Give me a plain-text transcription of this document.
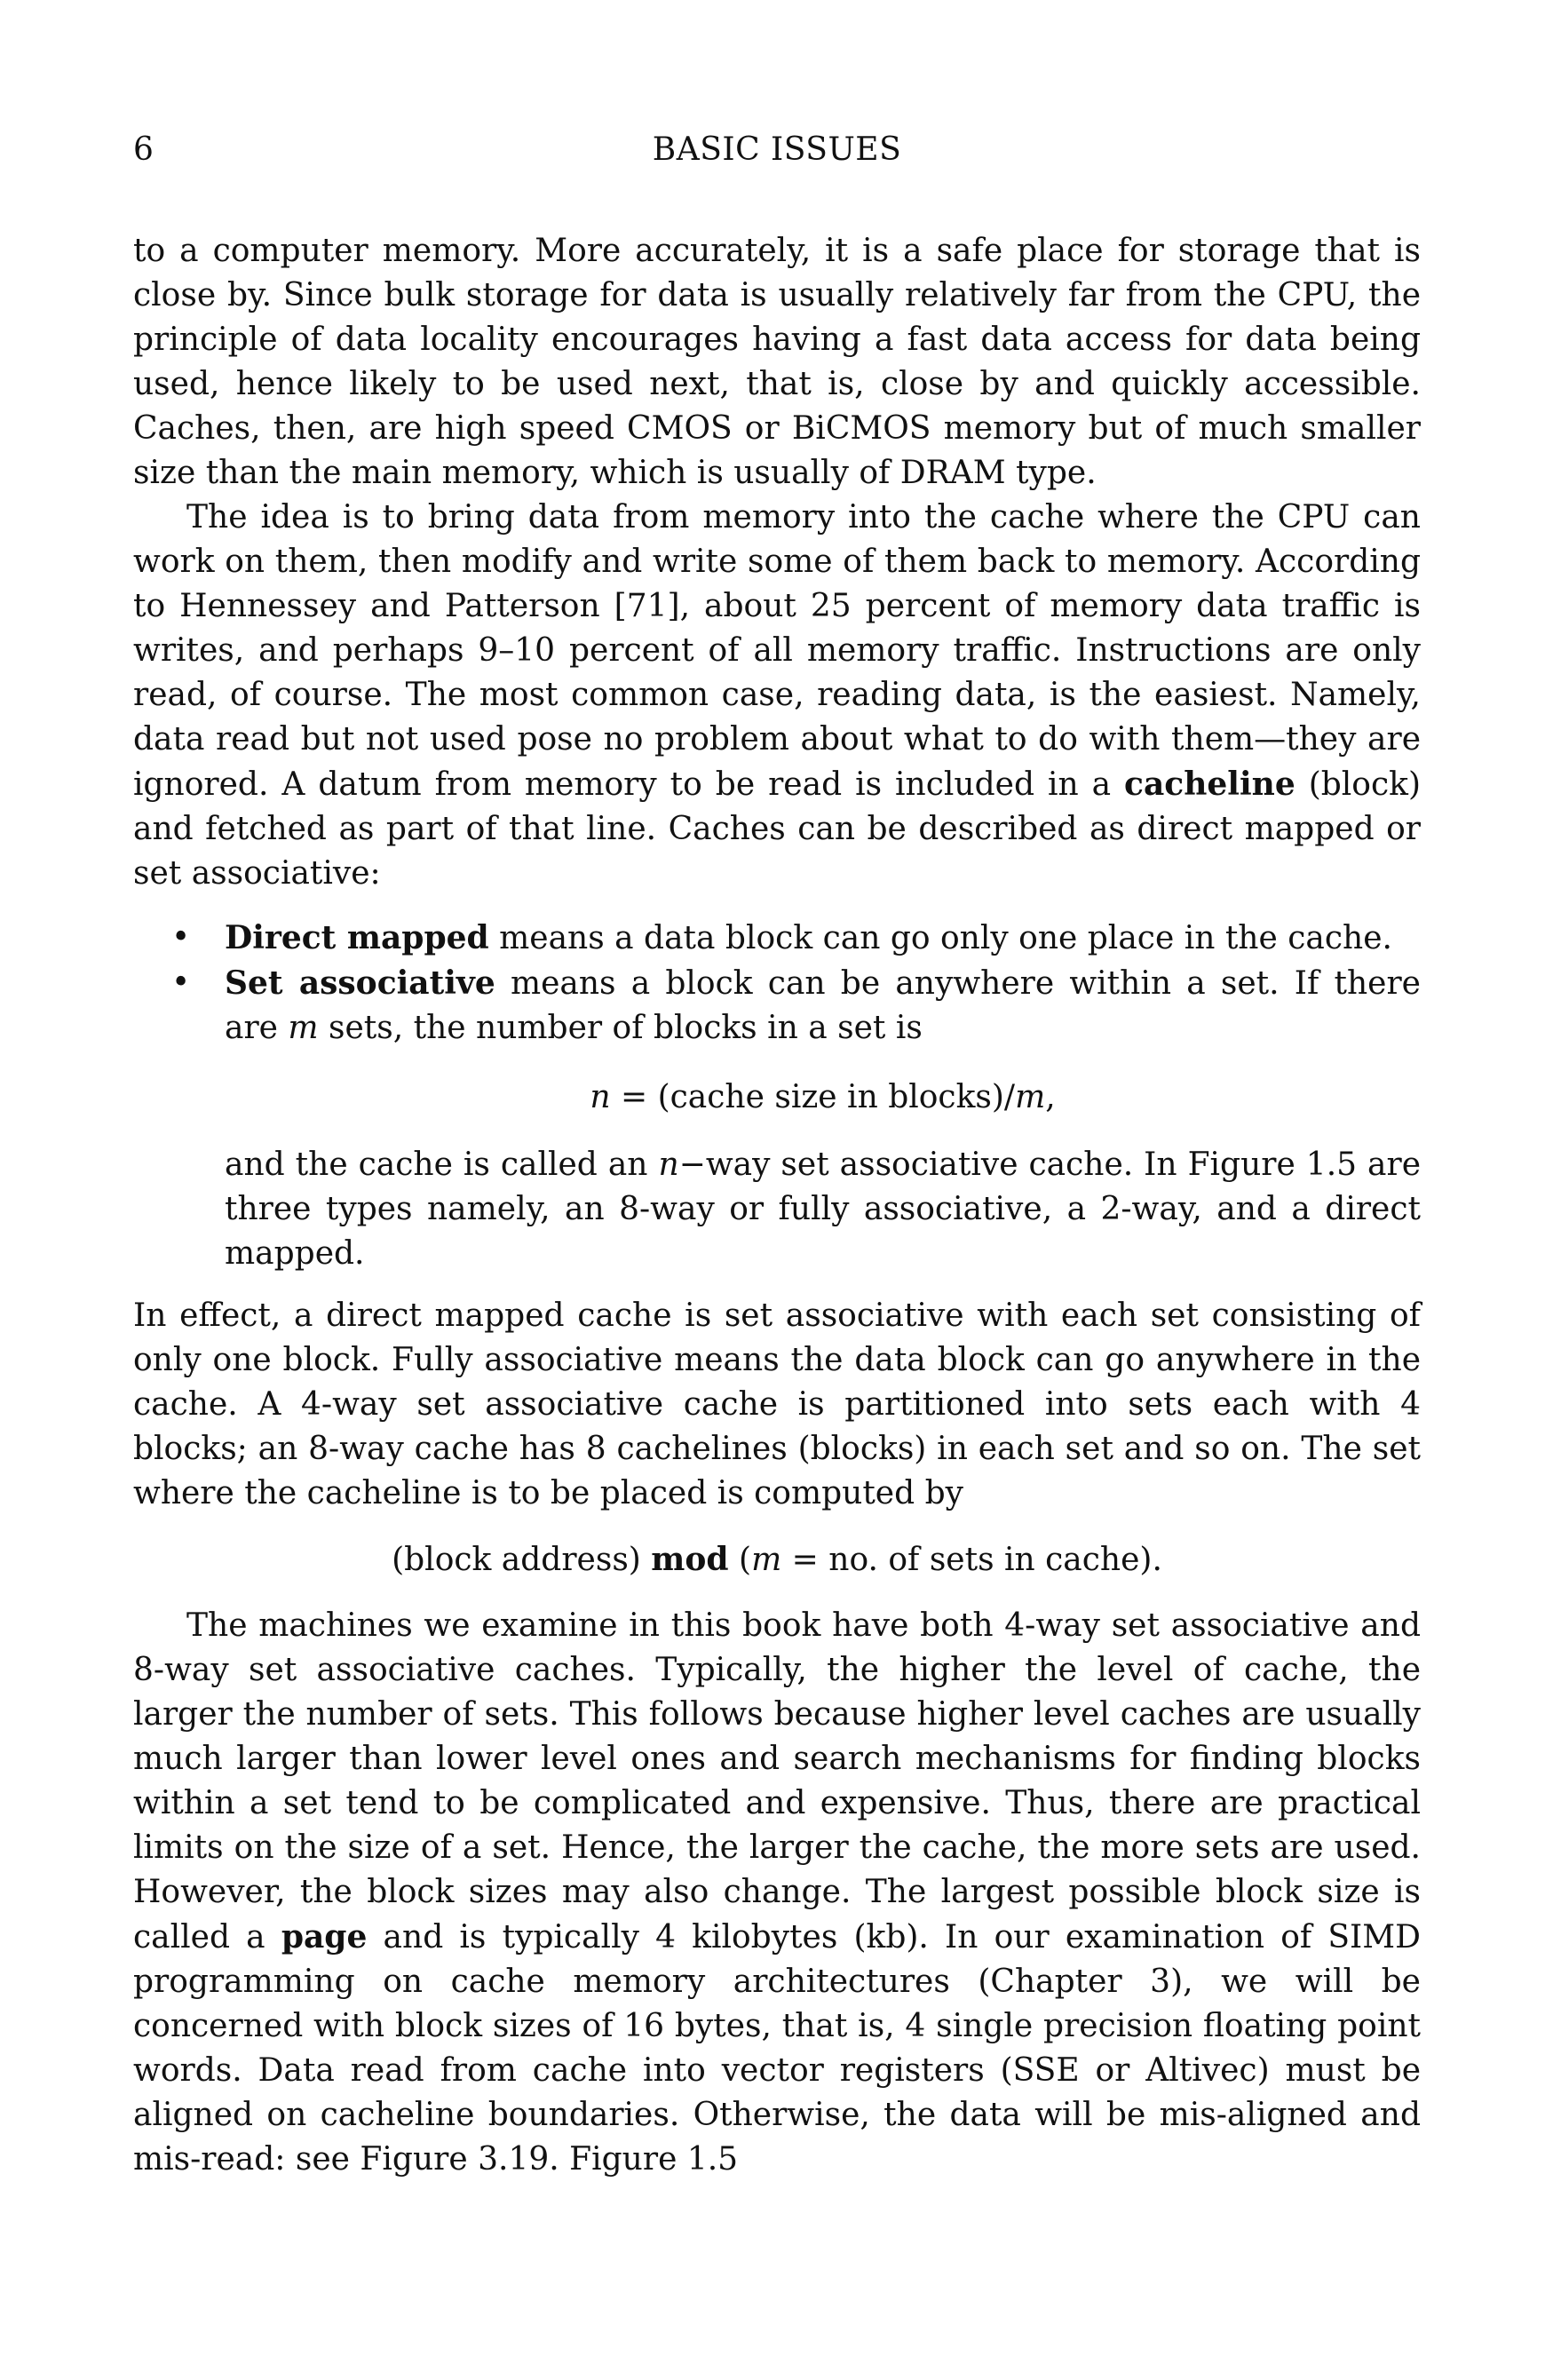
6	BASIC ISSUES

to a computer memory. More accurately, it is a safe place for storage that is close by. Since bulk storage for data is usually relatively far from the CPU, the principle of data locality encourages having a fast data access for data being used, hence likely to be used next, that is, close by and quickly accessible. Caches, then, are high speed CMOS or BiCMOS memory but of much smaller size than the main memory, which is usually of DRAM type.

The idea is to bring data from memory into the cache where the CPU can work on them, then modify and write some of them back to memory. According to Hennessey and Patterson [71], about 25 percent of memory data traffic is writes, and perhaps 9–10 percent of all memory traffic. Instructions are only read, of course. The most common case, reading data, is the easiest. Namely, data read but not used pose no problem about what to do with them—they are ignored. A datum from memory to be read is included in a cacheline (block) and fetched as part of that line. Caches can be described as direct mapped or set associative:

• Direct mapped means a data block can go only one place in the cache.
• Set associative means a block can be anywhere within a set. If there are m sets, the number of blocks in a set is
n = (cache size in blocks)/m,
and the cache is called an n−way set associative cache. In Figure 1.5 are three types namely, an 8-way or fully associative, a 2-way, and a direct mapped.

In effect, a direct mapped cache is set associative with each set consisting of only one block. Fully associative means the data block can go anywhere in the cache. A 4-way set associative cache is partitioned into sets each with 4 blocks; an 8-way cache has 8 cachelines (blocks) in each set and so on. The set where the cacheline is to be placed is computed by

(block address) mod (m = no. of sets in cache).

The machines we examine in this book have both 4-way set associative and 8-way set associative caches. Typically, the higher the level of cache, the larger the number of sets. This follows because higher level caches are usually much larger than lower level ones and search mechanisms for finding blocks within a set tend to be complicated and expensive. Thus, there are practical limits on the size of a set. Hence, the larger the cache, the more sets are used. However, the block sizes may also change. The largest possible block size is called a page and is typically 4 kilobytes (kb). In our examination of SIMD programming on cache memory architectures (Chapter 3), we will be concerned with block sizes of 16 bytes, that is, 4 single precision floating point words. Data read from cache into vector registers (SSE or Altivec) must be aligned on cacheline boundaries. Otherwise, the data will be mis-aligned and mis-read: see Figure 3.19. Figure 1.5
